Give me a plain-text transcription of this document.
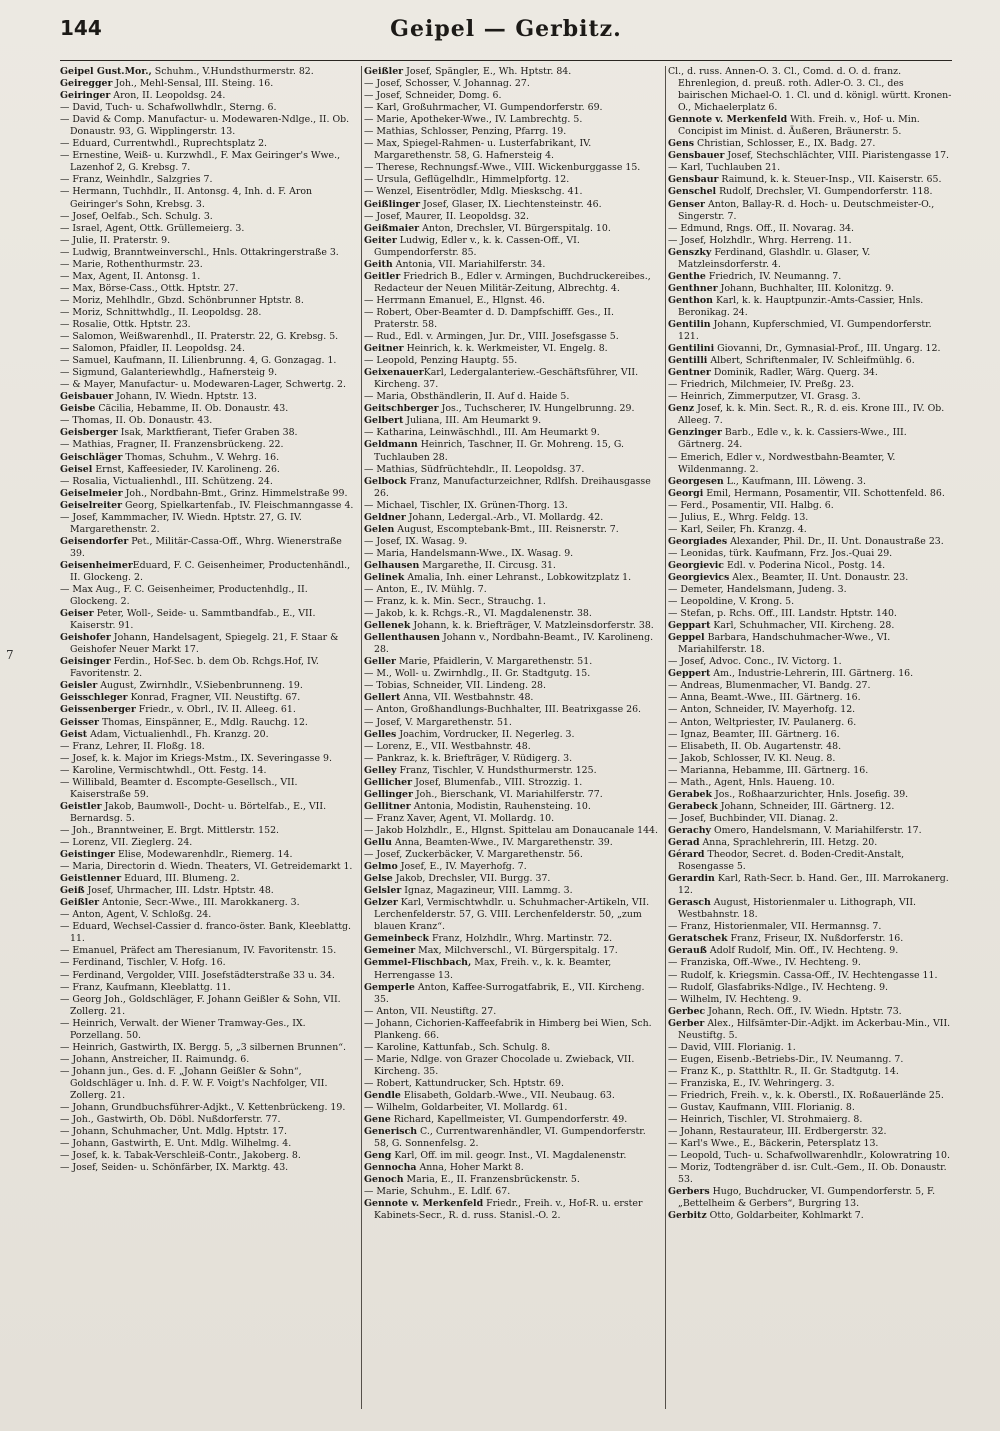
144	Geipel — Gerbitz.
7

Geipel Gust.Mor., Schuhm., V.Hundsthurmerstr. 82.

Geiregger Joh., Mehl-Sensal, III. Steing. 16.

Geiringer Aron, II. Leopoldsg. 24.

— David, Tuch- u. Schafwollwhdlr., Sterng. 6.

— David & Comp. Manufactur- u. Modewaren-Ndlge., II. Ob. Donaustr. 93, G. Wipplingerstr. 13.

— Eduard, Currentwhdl., Ruprechtsplatz 2.

— Ernestine, Weiß- u. Kurzwhdl., F. Max Geiringer's Wwe., Lazenhof 2, G. Krebsg. 7.

— Franz, Weinhdlr., Salzgries 7.

— Hermann, Tuchhdlr., II. Antonsg. 4, Inh. d. F. Aron Geiringer's Sohn, Krebsg. 3.

— Josef, Oelfab., Sch. Schulg. 3.

— Israel, Agent, Ottk. Grüllemeierg. 3.

— Julie, II. Praterstr. 9.

— Ludwig, Branntweinverschl., Hnls. Ottakringerstraße 3.

— Marie, Rothenthurmstr. 23.

— Max, Agent, II. Antonsg. 1.

— Max, Börse-Cass., Ottk. Hptstr. 27.

— Moriz, Mehlhdlr., Gbzd. Schönbrunner Hptstr. 8.

— Moriz, Schnittwhdlg., II. Leopoldsg. 28.

— Rosalie, Ottk. Hptstr. 23.

— Salomon, Weißwarenhdl., II. Praterstr. 22, G. Krebsg. 5.

— Salomon, Pfaidler, II. Leopoldsg. 24.

— Samuel, Kaufmann, II. Lilienbrunng. 4, G. Gonzagag. 1.

— Sigmund, Galanteriewhdlg., Hafnersteig 9.

— & Mayer, Manufactur- u. Modewaren-Lager, Schwertg. 2.

Geisbauer Johann, IV. Wiedn. Hptstr. 13.

Geisbe Cäcilia, Hebamme, II. Ob. Donaustr. 43.

— Thomas, II. Ob. Donaustr. 43.

Geisberger Isak, Marktfierant, Tiefer Graben 38.

— Mathias, Fragner, II. Franzensbrückeng. 22.

Geischläger Thomas, Schuhm., V. Wehrg. 16.

Geisel Ernst, Kaffeesieder, IV. Karolineng. 26.

— Rosalia, Victualienhdl., III. Schützeng. 24.

Geiselmeier Joh., Nordbahn-Bmt., Grinz. Himmelstraße 99.

Geiselreiter Georg, Spielkartenfab., IV. Fleischmanngasse 4.

— Josef, Kammmacher, IV. Wiedn. Hptstr. 27, G. IV. Margarethenstr. 2.

Geisendorfer Pet., Militär-Cassa-Off., Whrg. Wienerstraße 39.

GeisenheimerEduard, F. C. Geisenheimer, Productenhändl., II. Glockeng. 2.

— Max Aug., F. C. Geisenheimer, Productenhdlg., II. Glockeng. 2.

Geiser Peter, Woll-, Seide- u. Sammtbandfab., E., VII. Kaiserstr. 91.

Geishofer Johann, Handelsagent, Spiegelg. 21, F. Staar & Geishofer Neuer Markt 17.

Geisinger Ferdin., Hof-Sec. b. dem Ob. Rchgs.Hof, IV. Favoritenstr. 2.

Geisler August, Zwirnhdlr., V.Siebenbrunneng. 19.

Geisschleger Konrad, Fragner, VII. Neustiftg. 67.

Geissenberger Friedr., v. Obrl., IV. II. Alleeg. 61.

Geisser Thomas, Einspänner, E., Mdlg. Rauchg. 12.

Geist Adam, Victualienhdl., Fh. Kranzg. 20.

— Franz, Lehrer, II. Floßg. 18.

— Josef, k. k. Major im Kriegs-Mstm., IX. Severingasse 9.

— Karoline, Vermischtwhdl., Ott. Festg. 14.

— Willibald, Beamter d. Escompte-Gesellsch., VII. Kaiserstraße 59.

Geistler Jakob, Baumwoll-, Docht- u. Börtelfab., E., VII. Bernardsg. 5.

— Joh., Branntweiner, E. Brgt. Mittlerstr. 152.

— Lorenz, VII. Zieglerg. 24.

Geistinger Elise, Modewarenhdlr., Riemerg. 14.

— Maria, Directorin d. Wiedn. Theaters, VI. Getreidemarkt 1.

Geistlenner Eduard, III. Blumeng. 2.

Geiß Josef, Uhrmacher, III. Ldstr. Hptstr. 48.

Geißler Antonie, Secr.-Wwe., III. Marokkanerg. 3.

— Anton, Agent, V. Schloßg. 24.

— Eduard, Wechsel-Cassier d. franco-öster. Bank, Kleeblattg. 11.

— Emanuel, Präfect am Theresianum, IV. Favoritenstr. 15.

— Ferdinand, Tischler, V. Hofg. 16.

— Ferdinand, Vergolder, VIII. Josefstädterstraße 33 u. 34.

— Franz, Kaufmann, Kleeblattg. 11.

— Georg Joh., Goldschläger, F. Johann Geißler & Sohn, VII. Zollerg. 21.

— Heinrich, Verwalt. der Wiener Tramway-Ges., IX. Porzellang. 50.

— Heinrich, Gastwirth, IX. Bergg. 5, „3 silbernen Brunnen“.

— Johann, Anstreicher, II. Raimundg. 6.

— Johann jun., Ges. d. F. „Johann Geißler & Sohn“, Goldschläger u. Inh. d. F. W. F. Voigt's Nachfolger, VII. Zollerg. 21.

— Johann, Grundbuchsführer-Adjkt., V. Kettenbrückeng. 19.

— Joh., Gastwirth, Ob. Döbl. Nußdorferstr. 77.

— Johann, Schuhmacher, Unt. Mdlg. Hptstr. 17.

— Johann, Gastwirth, E. Unt. Mdlg. Wilhelmg. 4.

— Josef, k. k. Tabak-Verschleiß-Contr., Jakoberg. 8.

— Josef, Seiden- u. Schönfärber, IX. Marktg. 43.

Geißler Josef, Spängler, E., Wh. Hptstr. 84.

— Josef, Schosser, V. Johannag. 27.

— Josef, Schneider, Domg. 6.

— Karl, Großuhrmacher, VI. Gumpendorferstr. 69.

— Marie, Apotheker-Wwe., IV. Lambrechtg. 5.

— Mathias, Schlosser, Penzing, Pfarrg. 19.

— Max, Spiegel-Rahmen- u. Lusterfabrikant, IV. Margarethenstr. 58, G. Hafnersteig 4.

— Therese, Rechnungsf.-Wwe., VIII. Wickenburggasse 15.

— Ursula, Geflügelhdlr., Himmelpfortg. 12.

— Wenzel, Eisentrödler, Mdlg. Mieskschg. 41.

Geißlinger Josef, Glaser, IX. Liechtensteinstr. 46.

— Josef, Maurer, II. Leopoldsg. 32.

Geißmaier Anton, Drechsler, VI. Bürgerspitalg. 10.

Geiter Ludwig, Edler v., k. k. Cassen-Off., VI. Gumpendorferstr. 85.

Geith Antonia, VII. Mariahilferstr. 34.

Geitler Friedrich B., Edler v. Armingen, Buchdruckereibes., Redacteur der Neuen Militär-Zeitung, Albrechtg. 4.

— Herrmann Emanuel, E., Hlgnst. 46.

— Robert, Ober-Beamter d. D. Dampfschifff. Ges., II. Praterstr. 58.

— Rud., Edl. v. Armingen, Jur. Dr., VIII. Josefsgasse 5.

Geitner Heinrich, k. k. Werkmeister, VI. Engelg. 8.

— Leopold, Penzing Hauptg. 55.

GeixenauerKarl, Ledergalanteriew.-Geschäftsführer, VII. Kircheng. 37.

— Maria, Obsthändlerin, II. Auf d. Haide 5.

Geitschberger Jos., Tuchscherer, IV. Hungelbrunng. 29.

Gelbert Juliana, III. Am Heumarkt 9.

— Katharina, Leinwäschhdl., III. Am Heumarkt 9.

Geldmann Heinrich, Taschner, II. Gr. Mohreng. 15, G. Tuchlauben 28.

— Mathias, Südfrüchtehdlr., II. Leopoldsg. 37.

Gelbock Franz, Manufacturzeichner, Rdlfsh. Dreihausgasse 26.

— Michael, Tischler, IX. Grünen-Thorg. 13.

Geldner Johann, Ledergal.-Arb., VI. Mollardg. 42.

Gelen August, Escomptebank-Bmt., III. Reisnerstr. 7.

— Josef, IX. Wasag. 9.

— Maria, Handelsmann-Wwe., IX. Wasag. 9.

Gelhausen Margarethe, II. Circusg. 31.

Gelinek Amalia, Inh. einer Lehranst., Lobkowitzplatz 1.

— Anton, E., IV. Mühlg. 7.

— Franz, k. k. Min. Secr., Strauchg. 1.

— Jakob, k. k. Rchgs.-R., VI. Magdalenenstr. 38.

Gellenek Johann, k. k. Briefträger, V. Matzleinsdorferstr. 38.

Gellenthausen Johann v., Nordbahn-Beamt., IV. Karolineng. 28.

Geller Marie, Pfaidlerin, V. Margarethenstr. 51.

— M., Woll- u. Zwirnhdlg., II. Gr. Stadtgutg. 15.

— Tobias, Schneider, VII. Lindeng. 28.

Gellert Anna, VII. Westbahnstr. 48.

— Anton, Großhandlungs-Buchhalter, III. Beatrixgasse 26.

— Josef, V. Margarethenstr. 51.

Gelles Joachim, Vordrucker, II. Negerleg. 3.

— Lorenz, E., VII. Westbahnstr. 48.

— Pankraz, k. k. Briefträger, V. Rüdigerg. 3.

Gelley Franz, Tischler, V. Hundsthurmerstr. 125.

Gellicher Josef, Blumenfab., VIII. Strozzig. 1.

Gellinger Joh., Bierschank, VI. Mariahilferstr. 77.

Gellitner Antonia, Modistin, Rauhensteing. 10.

— Franz Xaver, Agent, VI. Mollardg. 10.

— Jakob Holzhdlr., E., Hlgnst. Spittelau am Donaucanale 144.

Gellu Anna, Beamten-Wwe., IV. Margarethenstr. 39.

— Josef, Zuckerbäcker, V. Margarethenstr. 56.

Gelmo Josef, E., IV. Mayerhofg. 7.

Gelse Jakob, Drechsler, VII. Burgg. 37.

Gelsler Ignaz, Magazineur, VIII. Lammg. 3.

Gelzer Karl, Vermischtwhdlr. u. Schuhmacher-Artikeln, VII. Lerchenfelderstr. 57, G. VIII. Lerchenfelderstr. 50, „zum blauen Kranz“.

Gemeinbeck Franz, Holzhdlr., Whrg. Martinstr. 72.

Gemeiner Max, Milchverschl., VI. Bürgerspitalg. 17.

Gemmel-Flischbach, Max, Freih. v., k. k. Beamter, Herrengasse 13.

Gemperle Anton, Kaffee-Surrogatfabrik, E., VII. Kircheng. 35.

— Anton, VII. Neustiftg. 27.

— Johann, Cichorien-Kaffeefabrik in Himberg bei Wien, Sch. Plankeng. 66.

— Karoline, Kattunfab., Sch. Schulg. 8.

— Marie, Ndlge. von Grazer Chocolade u. Zwieback, VII. Kircheng. 35.

— Robert, Kattundrucker, Sch. Hptstr. 69.

Gendle Elisabeth, Goldarb.-Wwe., VII. Neubaug. 63.

— Wilhelm, Goldarbeiter, VI. Mollardg. 61.

Gene Richard, Kapellmeister, VI. Gumpendorferstr. 49.

Generisch C., Currentwarenhändler, VI. Gumpendorferstr. 58, G. Sonnenfelsg. 2.

Geng Karl, Off. im mil. geogr. Inst., VI. Magdalenenstr.

Gennocha Anna, Hoher Markt 8.

Genoch Maria, E., II. Franzensbrückenstr. 5.

— Marie, Schuhm., E. Ldlf. 67.

Gennote v. Merkenfeld Friedr., Freih. v., Hof-R. u. erster Kabinets-Secr., R. d. russ. Stanisl.-O. 2.

Cl., d. russ. Annen-O. 3. Cl., Comd. d. O. d. franz. Ehrenlegion, d. preuß. roth. Adler-O. 3. Cl., des bairischen Michael-O. 1. Cl. und d. königl. württ. Kronen-O., Michaelerplatz 6.

Gennote v. Merkenfeld With. Freih. v., Hof- u. Min. Concipist im Minist. d. Äußeren, Bräunerstr. 5.

Gens Christian, Schlosser, E., IX. Badg. 27.

Gensbauer Josef, Stechschlächter, VIII. Piaristengasse 17.

— Karl, Tuchlauben 21.

Gensbaur Raimund, k. k. Steuer-Insp., VII. Kaiserstr. 65.

Genschel Rudolf, Drechsler, VI. Gumpendorferstr. 118.

Genser Anton, Ballay-R. d. Hoch- u. Deutschmeister-O., Singerstr. 7.

— Edmund, Rngs. Off., II. Novarag. 34.

— Josef, Holzhdlr., Whrg. Herreng. 11.

Genszky Ferdinand, Glashdlr. u. Glaser, V. Matzleinsdorferstr. 4.

Genthe Friedrich, IV. Neumanng. 7.

Genthner Johann, Buchhalter, III. Kolonitzg. 9.

Genthon Karl, k. k. Hauptpunzir.-Amts-Cassier, Hnls. Beronikag. 24.

Gentilin Johann, Kupferschmied, VI. Gumpendorferstr. 121.

Gentilini Giovanni, Dr., Gymnasial-Prof., III. Ungarg. 12.

Gentilli Albert, Schriftenmaler, IV. Schleifmühlg. 6.

Gentner Dominik, Radler, Wärg. Querg. 34.

— Friedrich, Milchmeier, IV. Preßg. 23.

— Heinrich, Zimmerputzer, VI. Grasg. 3.

Genz Josef, k. k. Min. Sect. R., R. d. eis. Krone III., IV. Ob. Alleeg. 7.

Genzinger Barb., Edle v., k. k. Cassiers-Wwe., III. Gärtnerg. 24.

— Emerich, Edler v., Nordwestbahn-Beamter, V. Wildenmanng. 2.

Georgesen L., Kaufmann, III. Löweng. 3.

Georgi Emil, Hermann, Posamentir, VII. Schottenfeld. 86.

— Ferd., Posamentir, VII. Halbg. 6.

— Julius, E., Whrg. Feldg. 13.

— Karl, Seiler, Fh. Kranzg. 4.

Georgiades Alexander, Phil. Dr., II. Unt. Donaustraße 23.

— Leonidas, türk. Kaufmann, Frz. Jos.-Quai 29.

Georgievic Edl. v. Poderina Nicol., Postg. 14.

Georgievics Alex., Beamter, II. Unt. Donaustr. 23.

— Demeter, Handelsmann, Judeng. 3.

— Leopoldine, V. Krong. 5.

— Stefan, p. Rchs. Off., III. Landstr. Hptstr. 140.

Geppart Karl, Schuhmacher, VII. Kircheng. 28.

Geppel Barbara, Handschuhmacher-Wwe., VI. Mariahilferstr. 18.

— Josef, Advoc. Conc., IV. Victorg. 1.

Geppert Am., Industrie-Lehrerin, III. Gärtnerg. 16.

— Andreas, Blumenmacher, VI. Bandg. 27.

— Anna, Beamt.-Wwe., III. Gärtnerg. 16.

— Anton, Schneider, IV. Mayerhofg. 12.

— Anton, Weltpriester, IV. Paulanerg. 6.

— Ignaz, Beamter, III. Gärtnerg. 16.

— Elisabeth, II. Ob. Augartenstr. 48.

— Jakob, Schlosser, IV. Kl. Neug. 8.

— Marianna, Hebamme, III. Gärtnerg. 16.

— Math., Agent, Hnls. Haueng. 10.

Gerabek Jos., Roßhaarzurichter, Hnls. Josefig. 39.

Gerabeck Johann, Schneider, III. Gärtnerg. 12.

— Josef, Buchbinder, VII. Dianag. 2.

Gerachy Omero, Handelsmann, V. Mariahilferstr. 17.

Gerad Anna, Sprachlehrerin, III. Hetzg. 20.

Gérard Theodor, Secret. d. Boden-Credit-Anstalt, Rosengasse 5.

Gerardin Karl, Rath-Secr. b. Hand. Ger., III. Marrokanerg. 12.

Gerasch August, Historienmaler u. Lithograph, VII. Westbahnstr. 18.

— Franz, Historienmaler, VII. Hermannsg. 7.

Geratschek Franz, Friseur, IX. Nußdorferstr. 16.

Gerauß Adolf Rudolf, Min. Off., IV. Hechteng. 9.

— Franziska, Off.-Wwe., IV. Hechteng. 9.

— Rudolf, k. Kriegsmin. Cassa-Off., IV. Hechtengasse 11.

— Rudolf, Glasfabriks-Ndlge., IV. Hechteng. 9.

— Wilhelm, IV. Hechteng. 9.

Gerbec Johann, Rech. Off., IV. Wiedn. Hptstr. 73.

Gerber Alex., Hilfsämter-Dir.-Adjkt. im Ackerbau-Min., VII. Neustiftg. 5.

— David, VIII. Florianig. 1.

— Eugen, Eisenb.-Betriebs-Dir., IV. Neumanng. 7.

— Franz K., p. Statthltr. R., II. Gr. Stadtgutg. 14.

— Franziska, E., IV. Wehringerg. 3.

— Friedrich, Freih. v., k. k. Oberstl., IX. Roßauerlände 25.

— Gustav, Kaufmann, VIII. Florianig. 8.

— Heinrich, Tischler, VI. Strohmaierg. 8.

— Johann, Restaurateur, III. Erdbergerstr. 32.

— Karl's Wwe., E., Bäckerin, Petersplatz 13.

— Leopold, Tuch- u. Schafwollwarenhdlr., Kolowratring 10.

— Moriz, Todtengräber d. isr. Cult.-Gem., II. Ob. Donaustr. 53.

Gerbers Hugo, Buchdrucker, VI. Gumpendorferstr. 5, F. „Bettelheim & Gerbers“, Burgring 13.

Gerbitz Otto, Goldarbeiter, Kohlmarkt 7.
